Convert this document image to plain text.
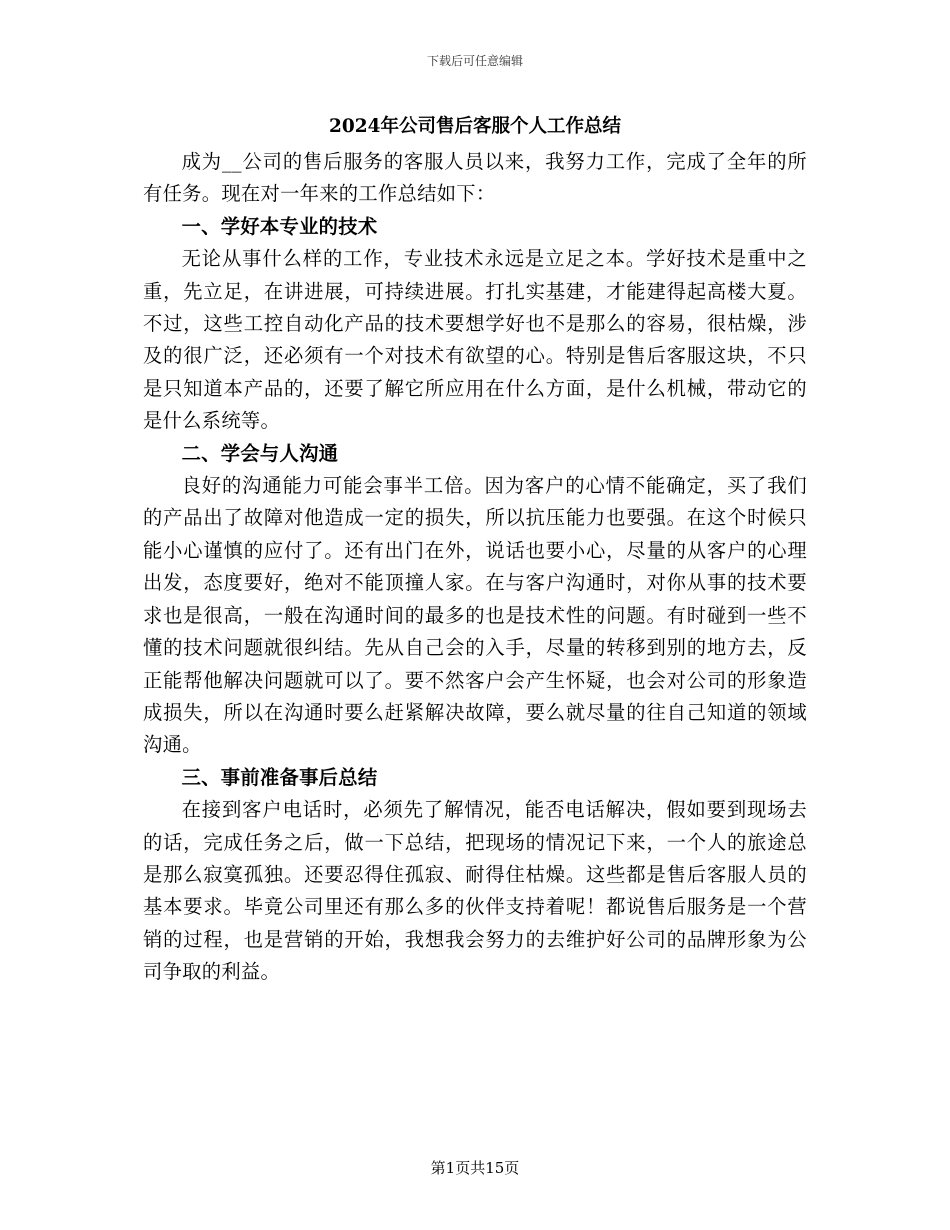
下载后可任意编辑
2024年公司售后客服个人工作总结

成为__公司的售后服务的客服人员以来，我努力工作，完成了全年的所有任务。现在对一年来的工作总结如下：

一、学好本专业的技术

无论从事什么样的工作，专业技术永远是立足之本。学好技术是重中之重，先立足，在讲进展，可持续进展。打扎实基建，才能建得起高楼大夏。不过，这些工控自动化产品的技术要想学好也不是那么的容易，很枯燥，涉及的很广泛，还必须有一个对技术有欲望的心。特别是售后客服这块，不只是只知道本产品的，还要了解它所应用在什么方面，是什么机械，带动它的是什么系统等。

二、学会与人沟通

良好的沟通能力可能会事半工倍。因为客户的心情不能确定，买了我们的产品出了故障对他造成一定的损失，所以抗压能力也要强。在这个时候只能小心谨慎的应付了。还有出门在外，说话也要小心，尽量的从客户的心理出发，态度要好，绝对不能顶撞人家。在与客户沟通时，对你从事的技术要求也是很高，一般在沟通时间的最多的也是技术性的问题。有时碰到一些不懂的技术问题就很纠结。先从自己会的入手，尽量的转移到别的地方去，反正能帮他解决问题就可以了。要不然客户会产生怀疑，也会对公司的形象造成损失，所以在沟通时要么赶紧解决故障，要么就尽量的往自己知道的领域沟通。

三、事前准备事后总结

在接到客户电话时，必须先了解情况，能否电话解决，假如要到现场去的话，完成任务之后，做一下总结，把现场的情况记下来，一个人的旅途总是那么寂寞孤独。还要忍得住孤寂、耐得住枯燥。这些都是售后客服人员的基本要求。毕竟公司里还有那么多的伙伴支持着呢！都说售后服务是一个营销的过程，也是营销的开始，我想我会努力的去维护好公司的品牌形象为公司争取的利益。

第1页共15页
